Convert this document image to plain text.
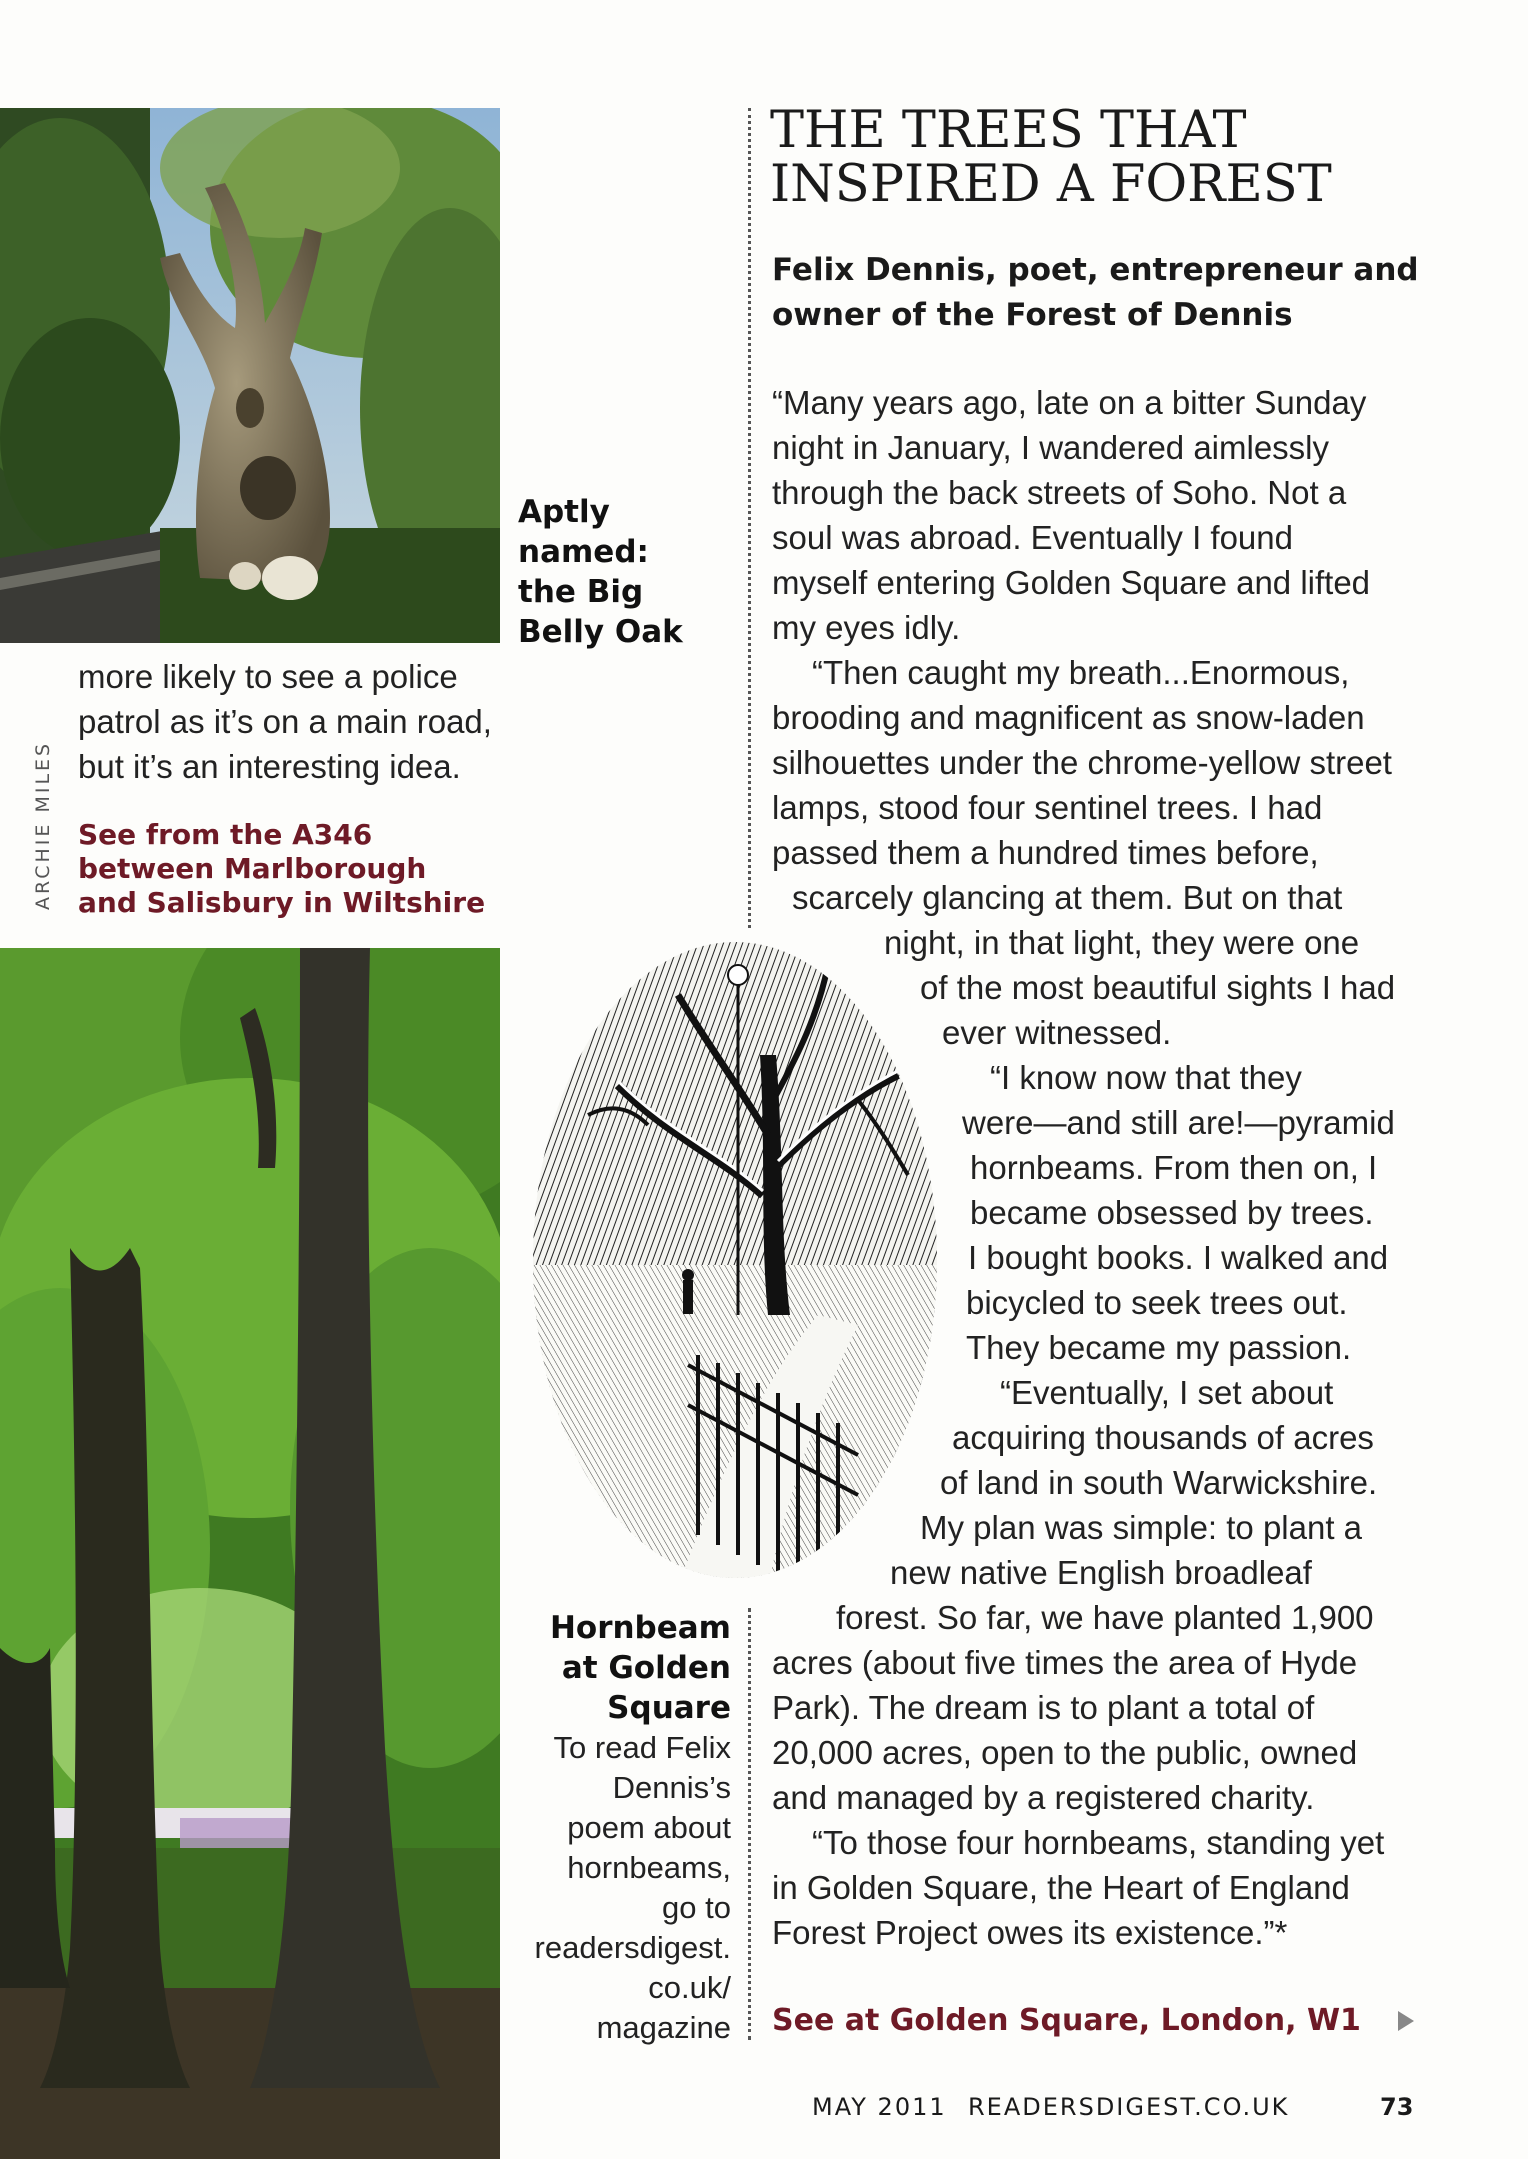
ARCHIE MILES

more likely to see a police

patrol as it’s on a main road,

but it’s an interesting idea.

See from the A346
between Marlborough
and Salisbury in Wiltshire
Aptly
named:
the Big
Belly Oak
THE TREES THAT
INSPIRED A FOREST
Felix Dennis, poet, entrepreneur and
owner of the Forest of Dennis
Hornbeam
at Golden
Square
To read Felix
Dennis’s
poem about
hornbeams,
go to
readersdigest.
co.uk/
magazine
“Many years ago, late on a bitter Sunday
night in January, I wandered aimlessly
through the back streets of Soho. Not a
soul was abroad. Eventually I found
myself entering Golden Square and lifted
my eyes idly.
“Then caught my breath...Enormous,
brooding and magnificent as snow-laden
silhouettes under the chrome-yellow street
lamps, stood four sentinel trees. I had
passed them a hundred times before,
scarcely glancing at them. But on that
night, in that light, they were one
of the most beautiful sights I had
ever witnessed.
“I know now that they
were—and still are!—pyramid
hornbeams. From then on, I
became obsessed by trees.
I bought books. I walked and
bicycled to seek trees out.
They became my passion.
“Eventually, I set about
acquiring thousands of acres
of land in south Warwickshire.
My plan was simple: to plant a
new native English broadleaf
forest. So far, we have planted 1,900
acres (about five times the area of Hyde
Park). The dream is to plant a total of
20,000 acres, open to the public, owned
and managed by a registered charity.
“To those four hornbeams, standing yet
in Golden Square, the Heart of England
Forest Project owes its existence.”*
See at Golden Square, London, W1
MAY 2011 READERSDIGEST.CO.UK	73
